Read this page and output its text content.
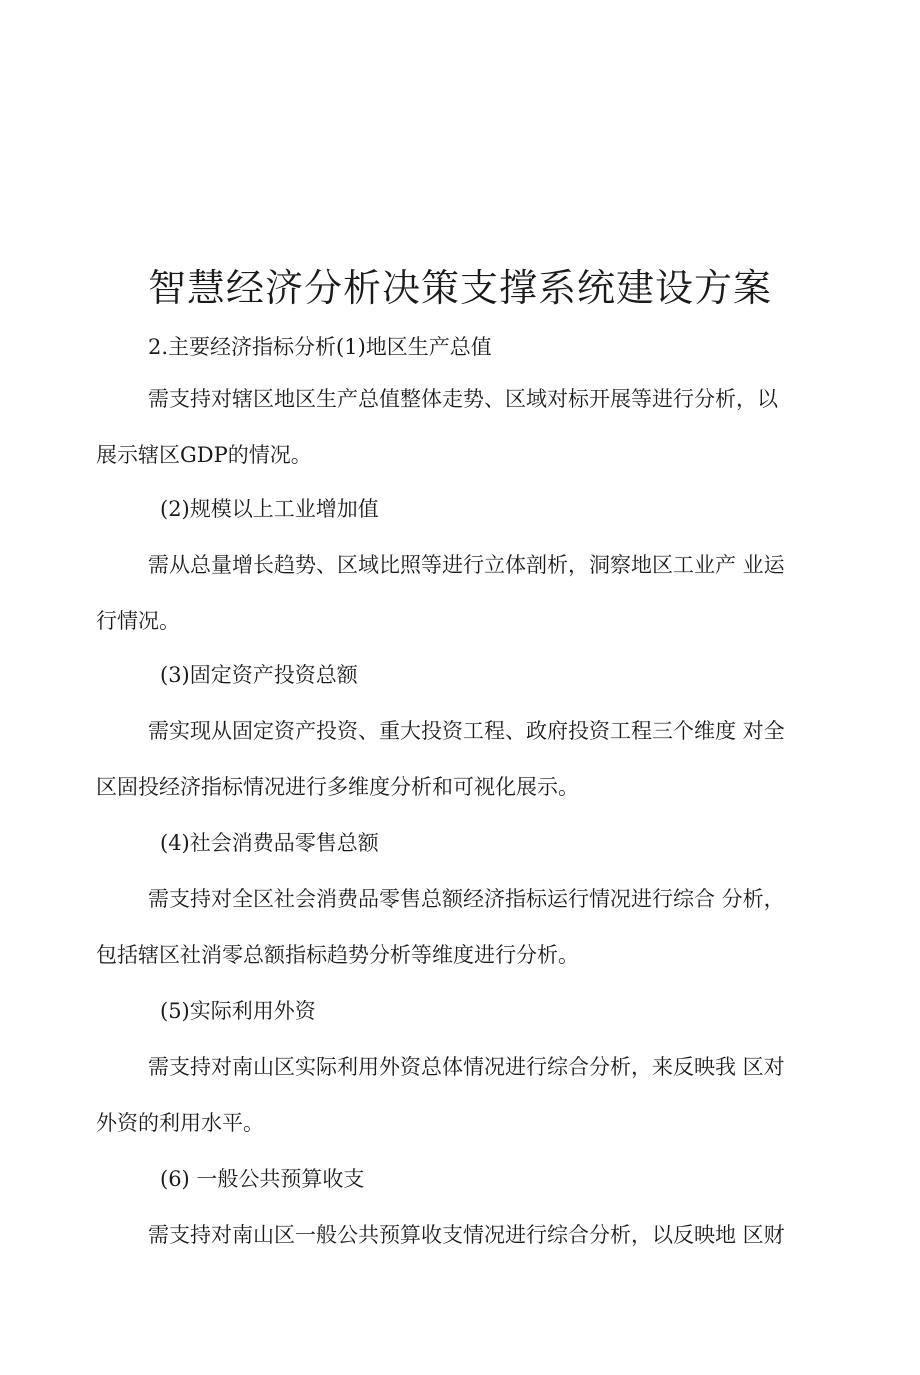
智慧经济分析决策支撑系统建设方案

2.主要经济指标分析(1)地区生产总值

需支持对辖区地区生产总值整体走势、区域对标开展等进行分析，以

展示辖区GDP的情况。

(2)规模以上工业增加值

需从总量增长趋势、区域比照等进行立体剖析，洞察地区工业产 业运

行情况。

(3)固定资产投资总额

需实现从固定资产投资、重大投资工程、政府投资工程三个维度 对全

区固投经济指标情况进行多维度分析和可视化展示。

(4)社会消费品零售总额

需支持对全区社会消费品零售总额经济指标运行情况进行综合 分析，

包括辖区社消零总额指标趋势分析等维度进行分析。

(5)实际利用外资

需支持对南山区实际利用外资总体情况进行综合分析，来反映我 区对

外资的利用水平。

(6) 一般公共预算收支

需支持对南山区一般公共预算收支情况进行综合分析，以反映地 区财
